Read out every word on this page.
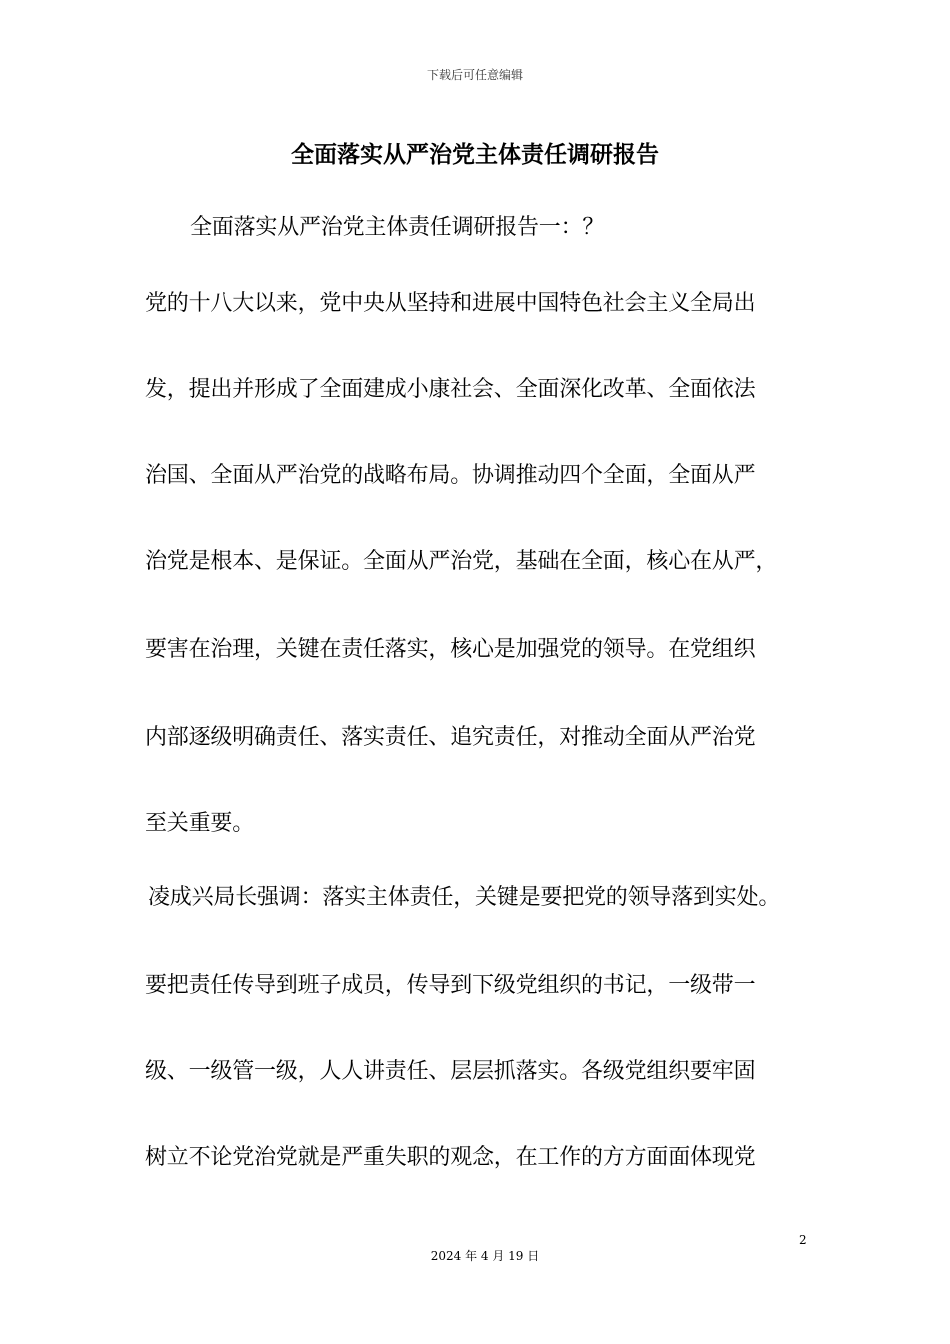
下载后可任意编辑
全面落实从严治党主体责任调研报告
全面落实从严治党主体责任调研报告一：？
党的十八大以来，党中央从坚持和进展中国特色社会主义全局出
发，提出并形成了全面建成小康社会、全面深化改革、全面依法
治国、全面从严治党的战略布局。协调推动四个全面，全面从严
治党是根本、是保证。全面从严治党，基础在全面，核心在从严，
要害在治理，关键在责任落实，核心是加强党的领导。在党组织
内部逐级明确责任、落实责任、追究责任，对推动全面从严治党
至关重要。
凌成兴局长强调：落实主体责任，关键是要把党的领导落到实处。
要把责任传导到班子成员，传导到下级党组织的书记，一级带一
级、一级管一级，人人讲责任、层层抓落实。各级党组织要牢固
树立不论党治党就是严重失职的观念，在工作的方方面面体现党
2
2024 年 4 月 19 日
